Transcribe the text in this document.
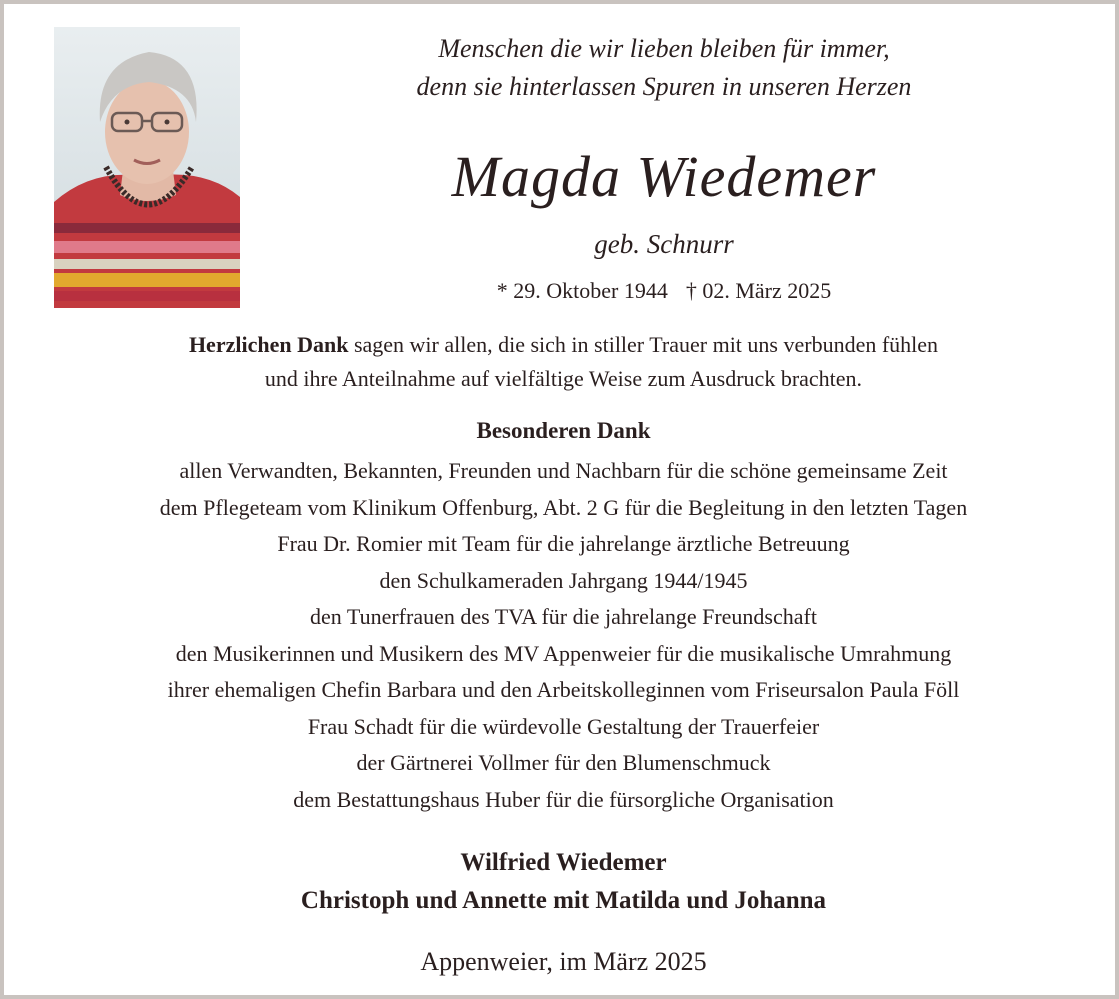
Menschen die wir lieben bleiben für immer,
denn sie hinterlassen Spuren in unseren Herzen
Magda Wiedemer
geb. Schnurr
* 29. Oktober 1944 † 02. März 2025
Herzlichen Dank sagen wir allen, die sich in stiller Trauer mit uns verbunden fühlen
und ihre Anteilnahme auf vielfältige Weise zum Ausdruck brachten.
Besonderen Dank
allen Verwandten, Bekannten, Freunden und Nachbarn für die schöne gemeinsame Zeit
dem Pflegeteam vom Klinikum Offenburg, Abt. 2 G für die Begleitung in den letzten Tagen
Frau Dr. Romier mit Team für die jahrelange ärztliche Betreuung
den Schulkameraden Jahrgang 1944/1945
den Tunerfrauen des TVA für die jahrelange Freundschaft
den Musikerinnen und Musikern des MV Appenweier für die musikalische Umrahmung
ihrer ehemaligen Chefin Barbara und den Arbeitskolleginnen vom Friseursalon Paula Föll
Frau Schadt für die würdevolle Gestaltung der Trauerfeier
der Gärtnerei Vollmer für den Blumenschmuck
dem Bestattungshaus Huber für die fürsorgliche Organisation
Wilfried Wiedemer
Christoph und Annette mit Matilda und Johanna
Appenweier, im März 2025
